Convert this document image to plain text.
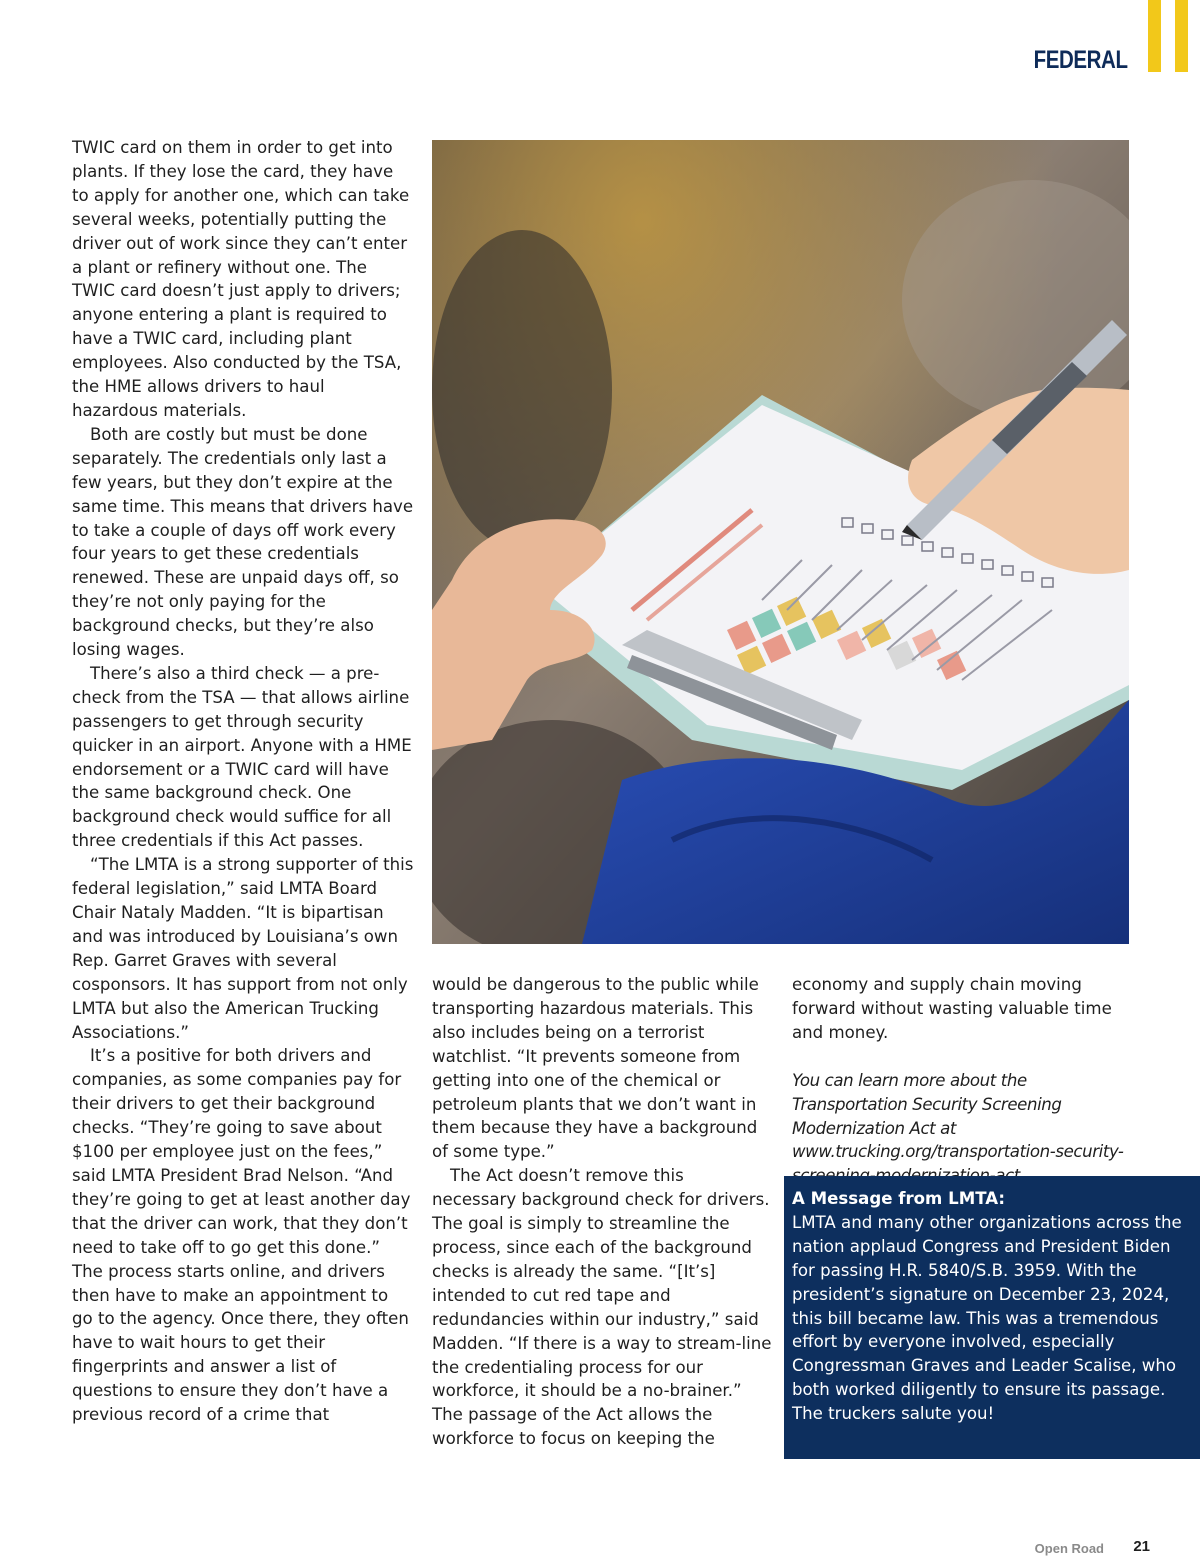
FEDERAL

TWIC card on them in order to get into plants. If they lose the card, they have to apply for another one, which can take several weeks, potentially putting the driver out of work since they can’t enter a plant or refinery without one. The TWIC card doesn’t just apply to drivers; anyone entering a plant is required to have a TWIC card, including plant employees. Also conducted by the TSA, the HME allows drivers to haul hazardous materials.

Both are costly but must be done separately. The credentials only last a few years, but they don’t expire at the same time. This means that drivers have to take a couple of days off work every four years to get these credentials renewed. These are unpaid days off, so they’re not only paying for the background checks, but they’re also losing wages.

There’s also a third check — a pre-check from the TSA — that allows airline passengers to get through security quicker in an airport. Anyone with a HME endorsement or a TWIC card will have the same background check. One background check would suffice for all three credentials if this Act passes.

“The LMTA is a strong supporter of this federal legislation,” said LMTA Board Chair Nataly Madden. “It is bipartisan and was introduced by Louisiana’s own Rep. Garret Graves with several cosponsors. It has support from not only LMTA but also the American Trucking Associations.”

It’s a positive for both drivers and companies, as some companies pay for their drivers to get their background checks. “They’re going to save about $100 per employee just on the fees,” said LMTA President Brad Nelson. “And they’re going to get at least another day that the driver can work, that they don’t need to take off to go get this done.” The process starts online, and drivers then have to make an appointment to go to the agency. Once there, they often have to wait hours to get their fingerprints and answer a list of questions to ensure they don’t have a previous record of a crime that

would be dangerous to the public while transporting hazardous materials. This also includes being on a terrorist watchlist. “It prevents someone from getting into one of the chemical or petroleum plants that we don’t want in them because they have a background of some type.”

The Act doesn’t remove this necessary background check for drivers. The goal is simply to streamline the process, since each of the background checks is already the same. “[It’s] intended to cut red tape and redundancies within our industry,” said Madden. “If there is a way to stream-line the credentialing process for our workforce, it should be a no-brainer.” The passage of the Act allows the workforce to focus on keeping the

economy and supply chain moving forward without wasting valuable time and money.

You can learn more about the Transportation Security Screening Modernization Act at www.trucking.org/transportation-security-

A Message from LMTA:

LMTA and many other organizations across the nation applaud Congress and President Biden for passing H.R. 5840/S.B. 3959. With the president’s signature on December 23, 2024, this bill became law. This was a tremendous effort by everyone involved, especially Congressman Graves and Leader Scalise, who both worked diligently to ensure its passage. The truckers salute you!

Open Road 21
